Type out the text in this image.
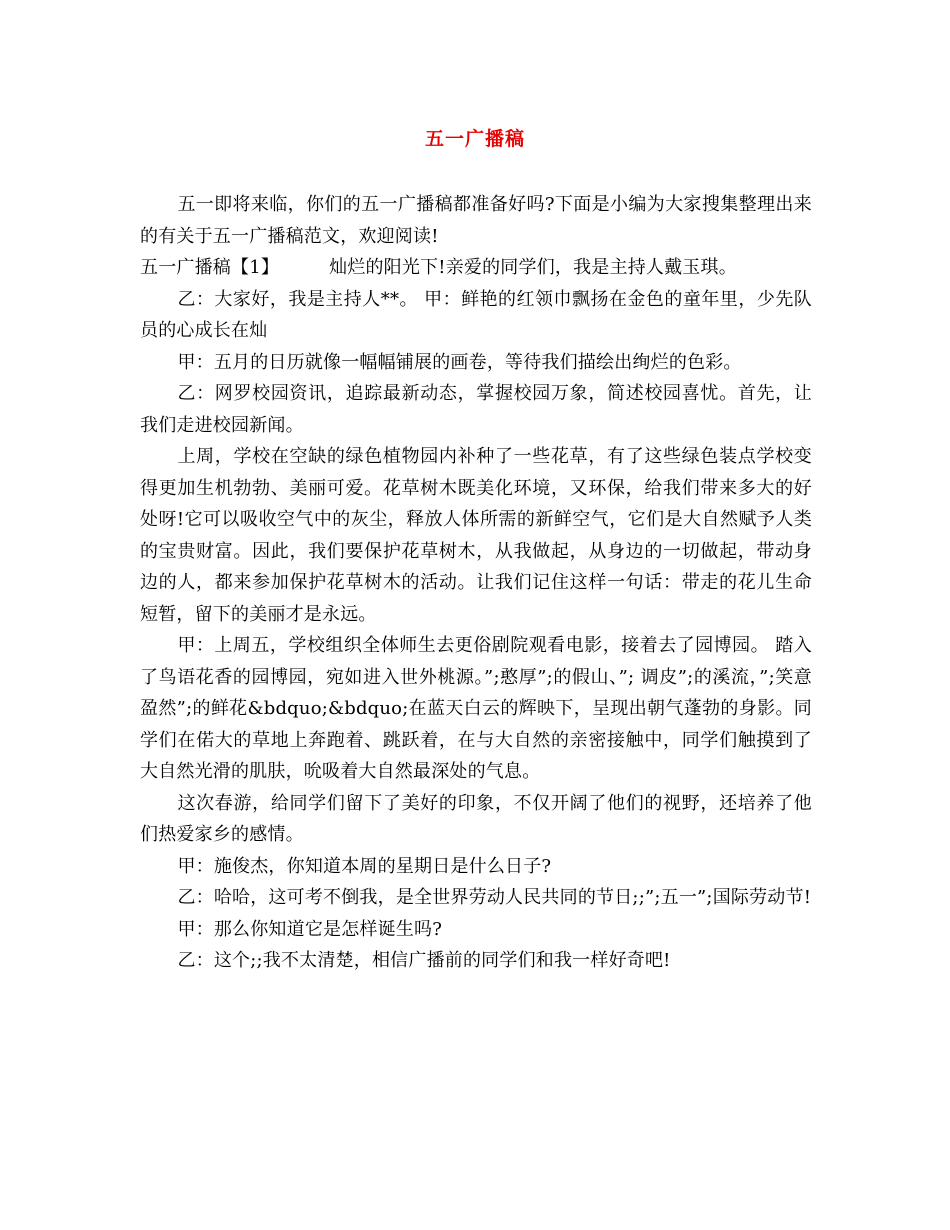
五一广播稿

五一即将来临，你们的五一广播稿都准备好吗?下面是小编为大家搜集整理出来的有关于五一广播稿范文，欢迎阅读!

五一广播稿【1】	灿烂的阳光下!亲爱的同学们，我是主持人戴玉琪。

乙：大家好，我是主持人**。 甲：鲜艳的红领巾飘扬在金色的童年里，少先队员的心成长在灿

甲：五月的日历就像一幅幅铺展的画卷，等待我们描绘出绚烂的色彩。

乙：网罗校园资讯，追踪最新动态，掌握校园万象，简述校园喜忧。首先，让我们走进校园新闻。

上周，学校在空缺的绿色植物园内补种了一些花草，有了这些绿色装点学校变得更加生机勃勃、美丽可爱。花草树木既美化环境，又环保，给我们带来多大的好处呀!它可以吸收空气中的灰尘，释放人体所需的新鲜空气，它们是大自然赋予人类的宝贵财富。因此，我们要保护花草树木，从我做起，从身边的一切做起，带动身边的人，都来参加保护花草树木的活动。让我们记住这样一句话：带走的花儿生命短暂，留下的美丽才是永远。

甲：上周五，学校组织全体师生去更俗剧院观看电影，接着去了园博园。 踏入了鸟语花香的园博园，宛如进入世外桃源。”;憨厚”;的假山、”; 调皮”;的溪流，”;笑意盈然”;的鲜花&bdquo;&bdquo;在蓝天白云的辉映下，呈现出朝气蓬勃的身影。同学们在偌大的草地上奔跑着、跳跃着，在与大自然的亲密接触中，同学们触摸到了大自然光滑的肌肤，吮吸着大自然最深处的气息。

这次春游，给同学们留下了美好的印象，不仅开阔了他们的视野，还培养了他们热爱家乡的感情。

甲：施俊杰，你知道本周的星期日是什么日子?

乙：哈哈，这可考不倒我，是全世界劳动人民共同的节日;;”;五一”;国际劳动节!

甲：那么你知道它是怎样诞生吗?

乙：这个;;我不太清楚，相信广播前的同学们和我一样好奇吧!
